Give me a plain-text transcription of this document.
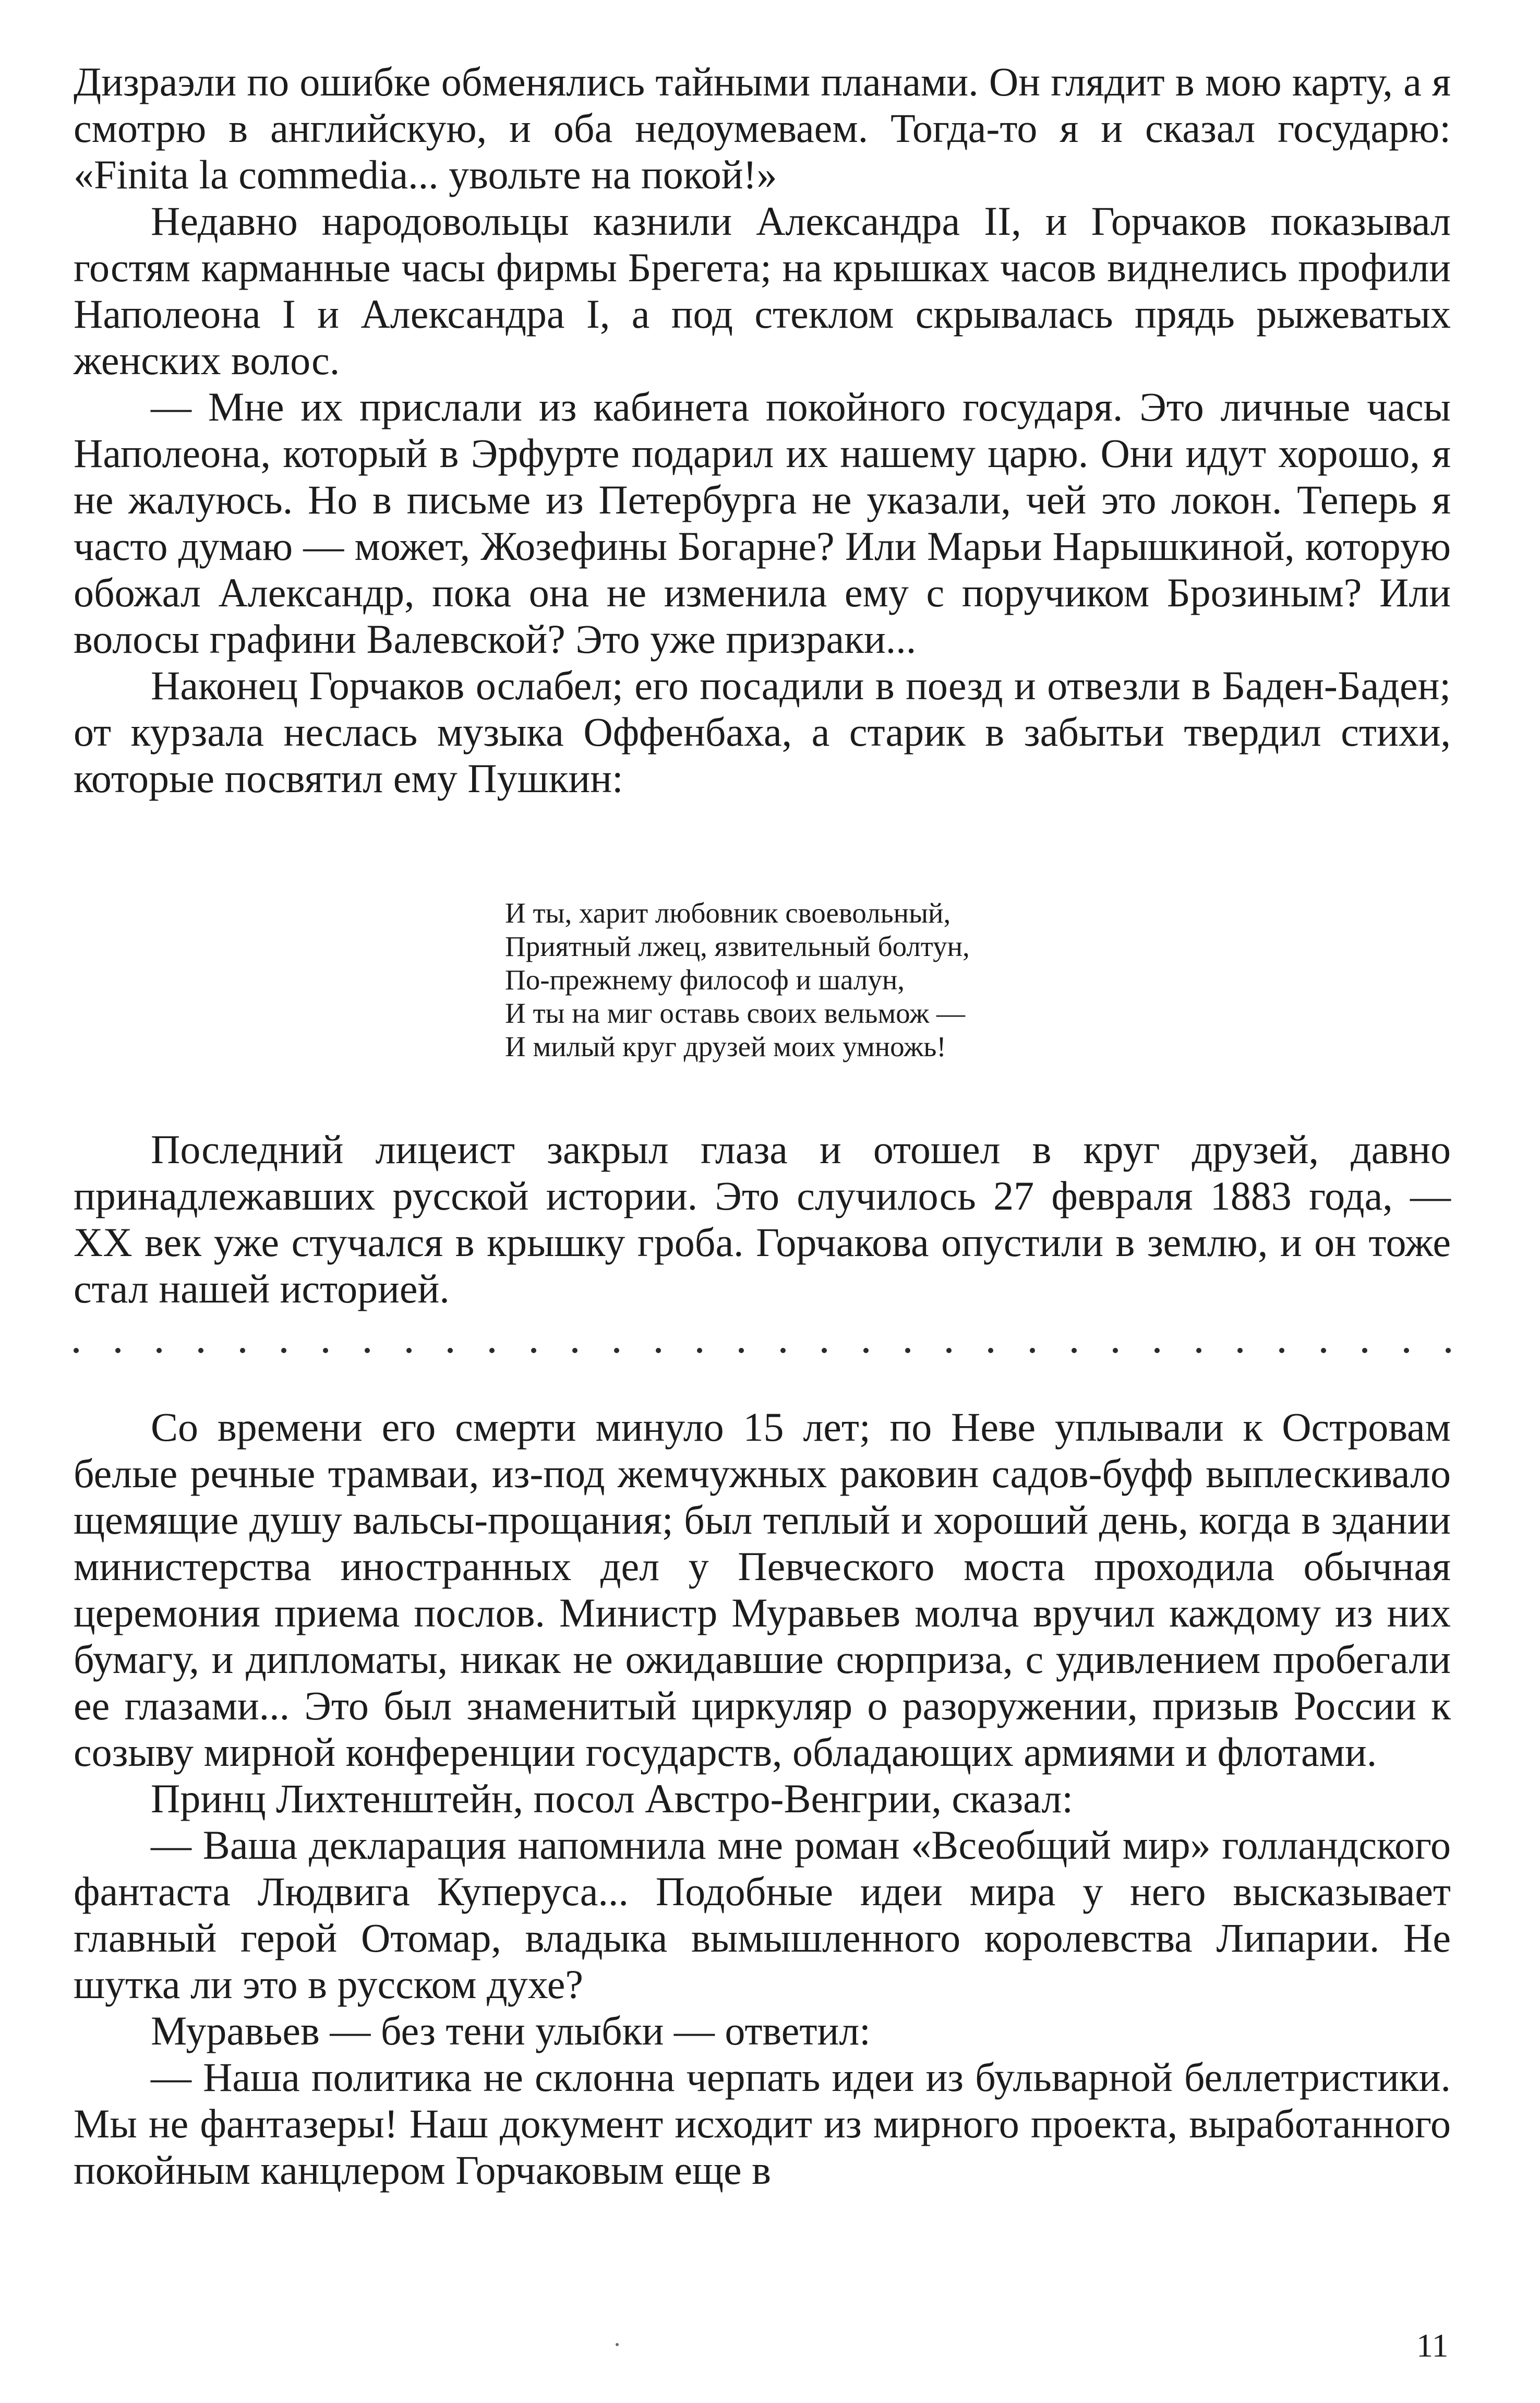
Дизраэли по ошибке обменялись тайными планами. Он глядит в мою карту, а я смотрю в английскую, и оба недоумеваем. Тогда-то я и сказал государю: «Finita la commedia... увольте на покой!»

Недавно народовольцы казнили Александра II, и Горчаков показывал гостям карманные часы фирмы Брегета; на крышках часов виднелись профили Наполеона I и Александра I, а под стеклом скрывалась прядь рыжеватых женских волос.

— Мне их прислали из кабинета покойного государя. Это личные часы Наполеона, который в Эрфурте подарил их нашему царю. Они идут хорошо, я не жалуюсь. Но в письме из Петербурга не указали, чей это локон. Теперь я часто думаю — может, Жозефины Богарне? Или Марьи Нарышкиной, которую обожал Александр, пока она не изменила ему с поручиком Брозиным? Или волосы графини Валевской? Это уже призраки...

Наконец Горчаков ослабел; его посадили в поезд и отвезли в Баден-Баден; от курзала неслась музыка Оффенбаха, а старик в забытьи твердил стихи, которые посвятил ему Пушкин:

И ты, харит любовник своевольный,
Приятный лжец, язвительный болтун,
По-прежнему философ и шалун,
И ты на миг оставь своих вельмож —
И милый круг друзей моих умножь!

Последний лицеист закрыл глаза и отошел в круг друзей, давно принадлежавших русской истории. Это случилось 27 февраля 1883 года, — XX век уже стучался в крышку гроба. Горчакова опустили в землю, и он тоже стал нашей историей.

Со времени его смерти минуло 15 лет; по Неве уплывали к Островам белые речные трамваи, из-под жемчужных раковин садов-буфф выплескивало щемящие душу вальсы-прощания; был теплый и хороший день, когда в здании министерства иностранных дел у Певческого моста проходила обычная церемония приема послов. Министр Муравьев молча вручил каждому из них бумагу, и дипломаты, никак не ожидавшие сюрприза, с удивлением пробегали ее глазами... Это был знаменитый циркуляр о разоружении, призыв России к созыву мирной конференции государств, обладающих армиями и флотами.

Принц Лихтенштейн, посол Австро-Венгрии, сказал:

— Ваша декларация напомнила мне роман «Всеобщий мир» голландского фантаста Людвига Куперуса... Подобные идеи мира у него высказывает главный герой Отомар, владыка вымышленного королевства Липарии. Не шутка ли это в русском духе?

Муравьев — без тени улыбки — ответил:

— Наша политика не склонна черпать идеи из бульварной беллетристики. Мы не фантазеры! Наш документ исходит из мирного проекта, выработанного покойным канцлером Горчаковым еще в

11
